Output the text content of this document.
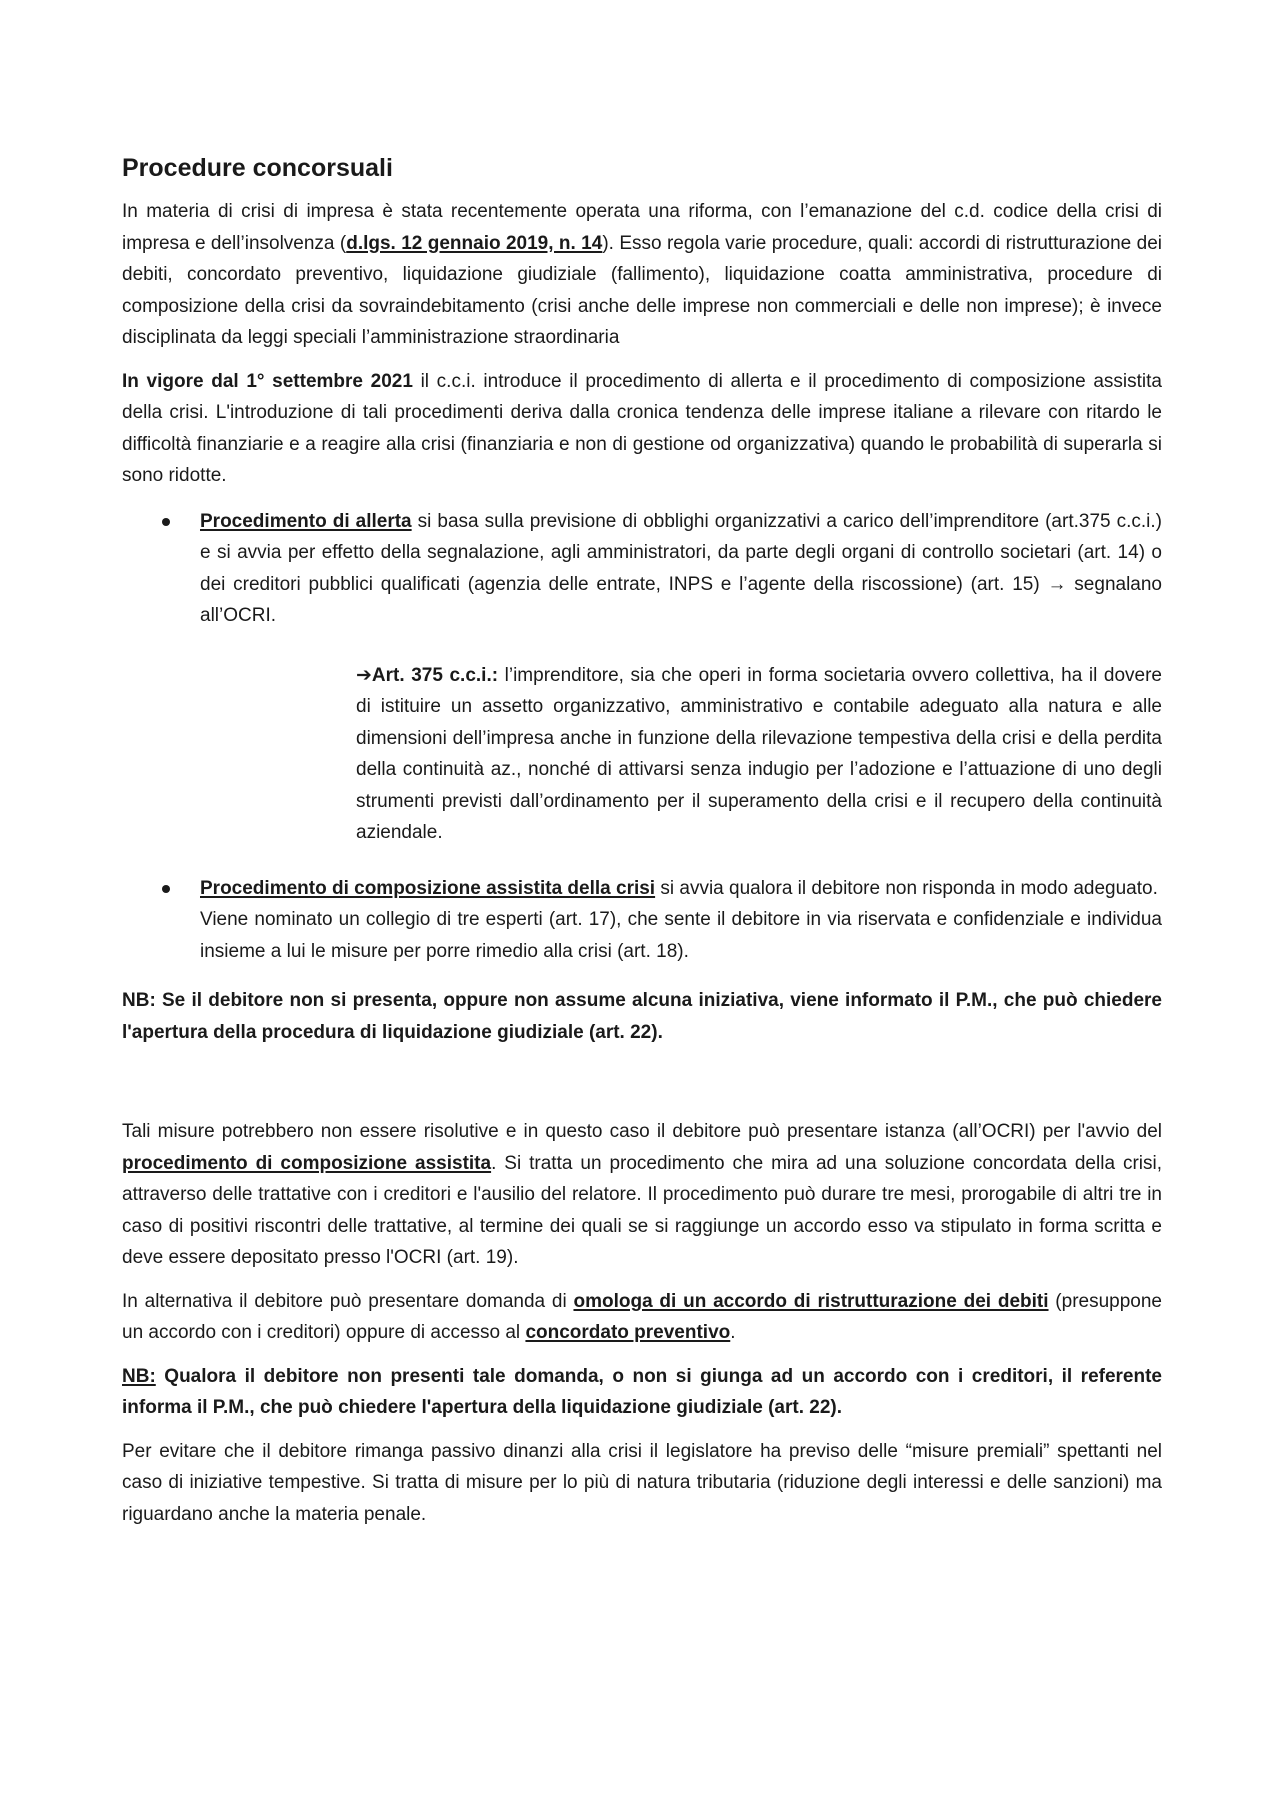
Procedure concorsuali

In materia di crisi di impresa è stata recentemente operata una riforma, con l’emanazione del c.d. codice della crisi di impresa e dell’insolvenza (d.lgs. 12 gennaio 2019, n. 14). Esso regola varie procedure, quali: accordi di ristrutturazione dei debiti, concordato preventivo, liquidazione giudiziale (fallimento), liquidazione coatta amministrativa, procedure di composizione della crisi da sovraindebitamento (crisi anche delle imprese non commerciali e delle non imprese); è invece disciplinata da leggi speciali l’amministrazione straordinaria

In vigore dal 1° settembre 2021 il c.c.i. introduce il procedimento di allerta e il procedimento di composizione assistita della crisi. L'introduzione di tali procedimenti deriva dalla cronica tendenza delle imprese italiane a rilevare con ritardo le difficoltà finanziarie e a reagire alla crisi (finanziaria e non di gestione od organizzativa) quando le probabilità di superarla si sono ridotte.

Procedimento di allerta si basa sulla previsione di obblighi organizzativi a carico dell’imprenditore (art.375 c.c.i.) e si avvia per effetto della segnalazione, agli amministratori, da parte degli organi di controllo societari (art. 14) o dei creditori pubblici qualificati (agenzia delle entrate, INPS e l’agente della riscossione) (art. 15) → segnalano all’OCRI.

➔Art. 375 c.c.i.: l’imprenditore, sia che operi in forma societaria ovvero collettiva, ha il dovere di istituire un assetto organizzativo, amministrativo e contabile adeguato alla natura e alle dimensioni dell’impresa anche in funzione della rilevazione tempestiva della crisi e della perdita della continuità az., nonché di attivarsi senza indugio per l’adozione e l’attuazione di uno degli strumenti previsti dall’ordinamento per il superamento della crisi e il recupero della continuità aziendale.

Procedimento di composizione assistita della crisi si avvia qualora il debitore non risponda in modo adeguato.
Viene nominato un collegio di tre esperti (art. 17), che sente il debitore in via riservata e confidenziale e individua insieme a lui le misure per porre rimedio alla crisi (art. 18).

NB: Se il debitore non si presenta, oppure non assume alcuna iniziativa, viene informato il P.M., che può chiedere l'apertura della procedura di liquidazione giudiziale (art. 22).

Tali misure potrebbero non essere risolutive e in questo caso il debitore può presentare istanza (all’OCRI) per l'avvio del procedimento di composizione assistita. Si tratta un procedimento che mira ad una soluzione concordata della crisi, attraverso delle trattative con i creditori e l'ausilio del relatore. Il procedimento può durare tre mesi, prorogabile di altri tre in caso di positivi riscontri delle trattative, al termine dei quali se si raggiunge un accordo esso va stipulato in forma scritta e deve essere depositato presso l'OCRI (art. 19).

In alternativa il debitore può presentare domanda di omologa di un accordo di ristrutturazione dei debiti (presuppone un accordo con i creditori) oppure di accesso al concordato preventivo.

NB: Qualora il debitore non presenti tale domanda, o non si giunga ad un accordo con i creditori, il referente informa il P.M., che può chiedere l'apertura della liquidazione giudiziale (art. 22).

Per evitare che il debitore rimanga passivo dinanzi alla crisi il legislatore ha previso delle “misure premiali” spettanti nel caso di iniziative tempestive. Si tratta di misure per lo più di natura tributaria (riduzione degli interessi e delle sanzioni) ma riguardano anche la materia penale.
